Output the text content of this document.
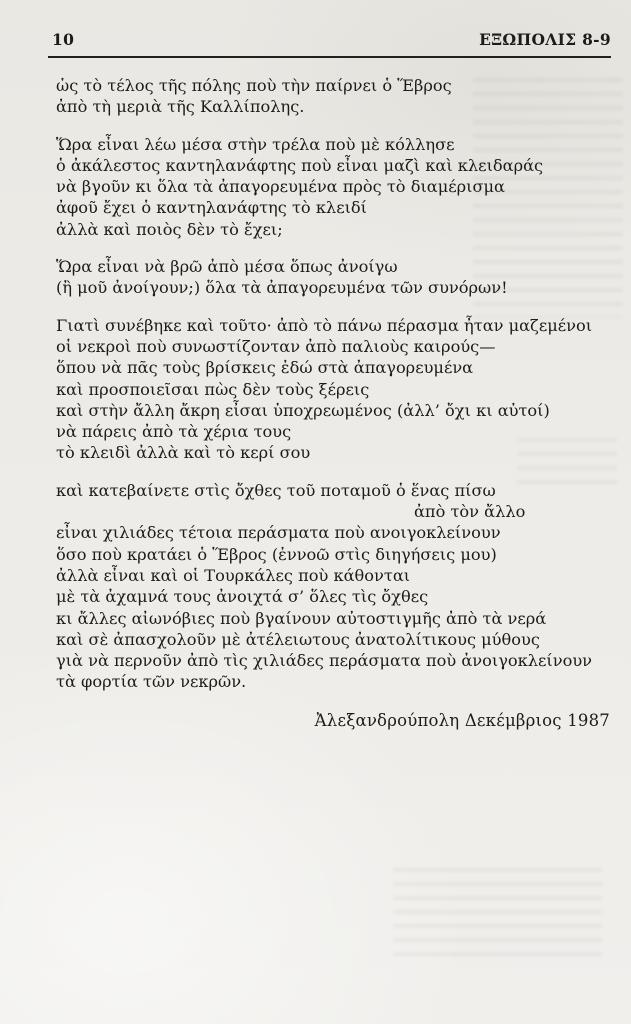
10	ΕΞΩΠΟΛΙΣ 8-9
ὡς τὸ τέλος τῆς πόλης ποὺ τὴν παίρνει ὁ Ἕβρος
ἀπὸ τὴ μεριὰ τῆς Καλλίπολης.
Ὥρα εἶναι λέω μέσα στὴν τρέλα ποὺ μὲ κόλλησε
ὁ ἀκάλεστος καντηλανάφτης ποὺ εἶναι μαζὶ καὶ κλειδαράς
νὰ βγοῦν κι ὅλα τὰ ἀπαγορευμένα πρὸς τὸ διαμέρισμα
ἀφοῦ ἔχει ὁ καντηλανάφτης τὸ κλειδί
ἀλλὰ καὶ ποιὸς δὲν τὸ ἔχει;
Ὥρα εἶναι νὰ βρῶ ἀπὸ μέσα ὅπως ἀνοίγω
(ἢ μοῦ ἀνοίγουν;) ὅλα τὰ ἀπαγορευμένα τῶν συνόρων!
Γιατὶ συνέβηκε καὶ τοῦτο· ἀπὸ τὸ πάνω πέρασμα ἦταν μαζεμένοι
οἱ νεκροὶ ποὺ συνωστίζονταν ἀπὸ παλιοὺς καιρούς—
ὅπου νὰ πᾶς τοὺς βρίσκεις ἐδώ στὰ ἀπαγορευμένα
καὶ προσποιεῖσαι πὼς δὲν τοὺς ξέρεις
καὶ στὴν ἄλλη ἄκρη εἶσαι ὑποχρεωμένος (ἀλλ’ ὄχι κι αὐτοί)
νὰ πάρεις ἀπὸ τὰ χέρια τους
τὸ κλειδὶ ἀλλὰ καὶ τὸ κερί σου
καὶ κατεβαίνετε στὶς ὄχθες τοῦ ποταμοῦ ὁ ἕνας πίσω
ἀπὸ τὸν ἄλλο
εἶναι χιλιάδες τέτοια περάσματα ποὺ ανοιγοκλείνουν
ὅσο ποὺ κρατάει ὁ Ἕβρος (ἐννοῶ στὶς διηγήσεις μου)
ἀλλὰ εἶναι καὶ οἱ Τουρκάλες ποὺ κάθονται
μὲ τὰ ἀχαμνά τους ἀνοιχτά σ’ ὅλες τὶς ὄχθες
κι ἄλλες αἰωνόβιες ποὺ βγαίνουν αὐτοστιγμῆς ἀπὸ τὰ νερά
καὶ σὲ ἀπασχολοῦν μὲ ἀτέλειωτους ἀνατολίτικους μύθους
γιὰ νὰ περνοῦν ἀπὸ τὶς χιλιάδες περάσματα ποὺ ἀνοιγοκλείνουν
τὰ φορτία τῶν νεκρῶν.
Ἀλεξανδρούπολη Δεκέμβριος 1987
